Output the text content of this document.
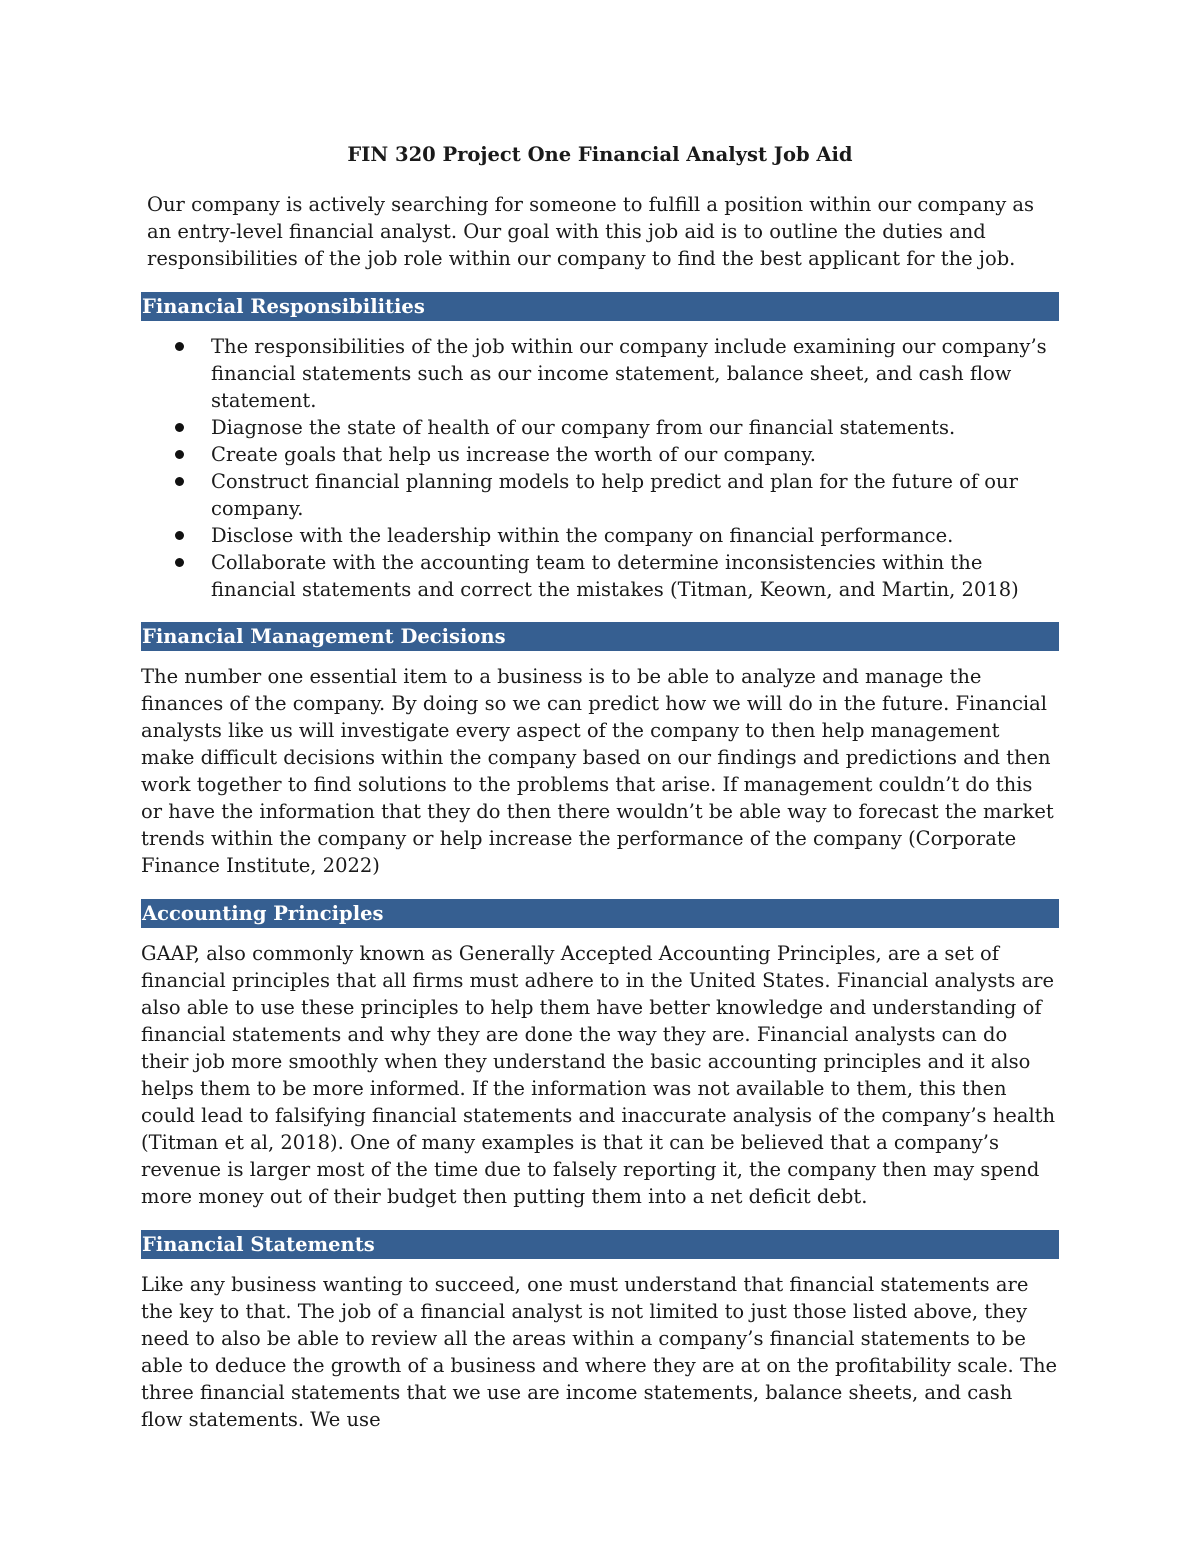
FIN 320 Project One Financial Analyst Job Aid

Our company is actively searching for someone to fulfill a position within our company as an entry-level financial analyst. Our goal with this job aid is to outline the duties and responsibilities of the job role within our company to find the best applicant for the job.

Financial Responsibilities
The responsibilities of the job within our company include examining our company’s financial statements such as our income statement, balance sheet, and cash flow statement.
Diagnose the state of health of our company from our financial statements.
Create goals that help us increase the worth of our company.
Construct financial planning models to help predict and plan for the future of our company.
Disclose with the leadership within the company on financial performance.
Collaborate with the accounting team to determine inconsistencies within the financial statements and correct the mistakes (Titman, Keown, and Martin, 2018)
Financial Management Decisions

The number one essential item to a business is to be able to analyze and manage the finances of the company. By doing so we can predict how we will do in the future. Financial analysts like us will investigate every aspect of the company to then help management make difficult decisions within the company based on our findings and predictions and then work together to find solutions to the problems that arise. If management couldn’t do this or have the information that they do then there wouldn’t be able way to forecast the market trends within the company or help increase the performance of the company (Corporate Finance Institute, 2022)

Accounting Principles

GAAP, also commonly known as Generally Accepted Accounting Principles, are a set of financial principles that all firms must adhere to in the United States. Financial analysts are also able to use these principles to help them have better knowledge and understanding of financial statements and why they are done the way they are. Financial analysts can do their job more smoothly when they understand the basic accounting principles and it also helps them to be more informed. If the information was not available to them, this then could lead to falsifying financial statements and inaccurate analysis of the company’s health (Titman et al, 2018). One of many examples is that it can be believed that a company’s revenue is larger most of the time due to falsely reporting it, the company then may spend more money out of their budget then putting them into a net deficit debt.

Financial Statements

Like any business wanting to succeed, one must understand that financial statements are the key to that. The job of a financial analyst is not limited to just those listed above, they need to also be able to review all the areas within a company’s financial statements to be able to deduce the growth of a business and where they are at on the profitability scale. The three financial statements that we use are income statements, balance sheets, and cash flow statements. We use
